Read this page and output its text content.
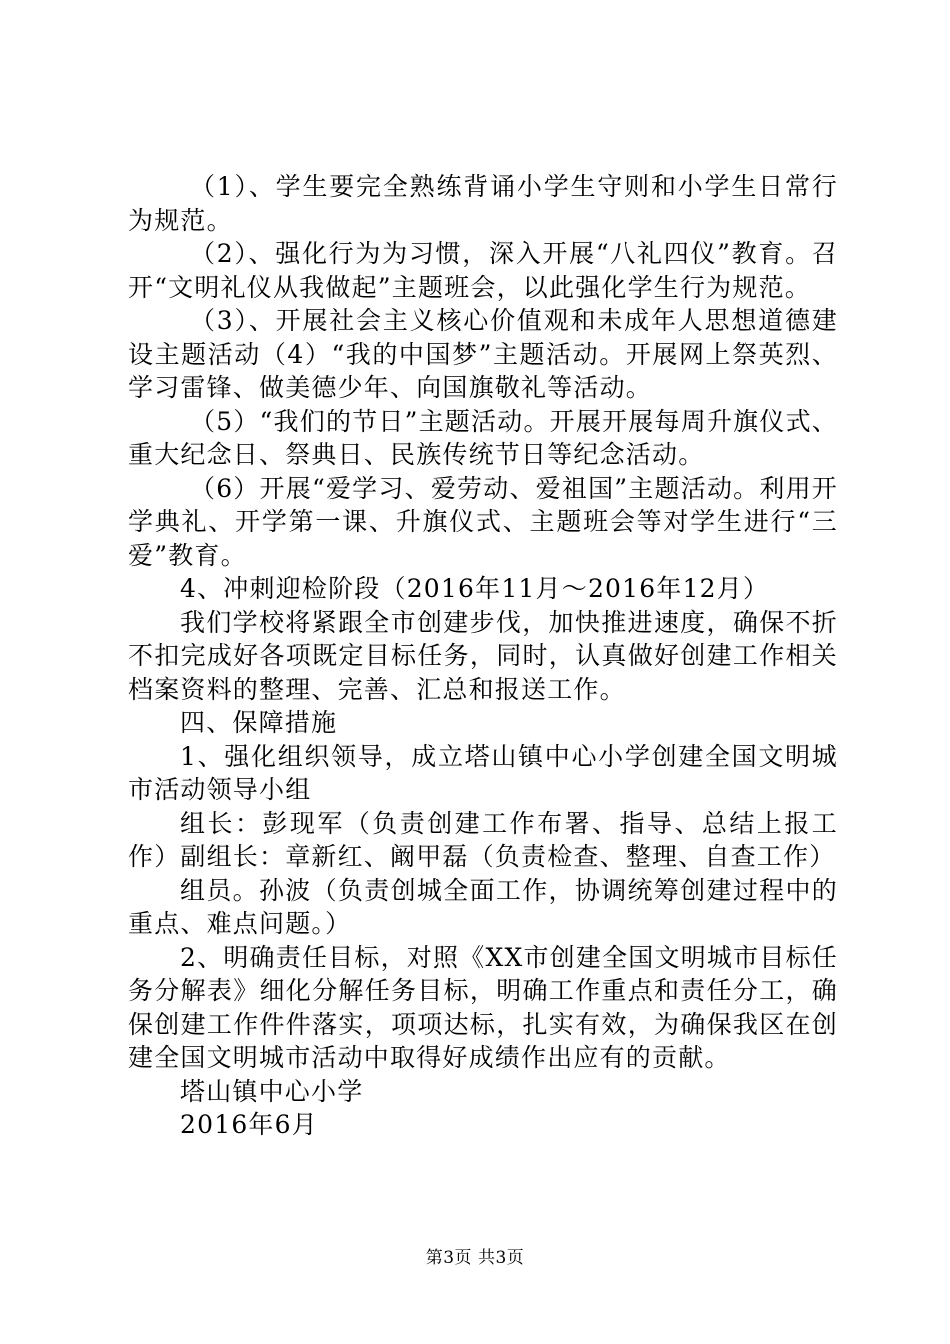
（1）、学生要完全熟练背诵小学生守则和小学生日常行为规范。

（2）、强化行为为习惯，深入开展“八礼四仪”教育。召开“文明礼仪从我做起”主题班会，以此强化学生行为规范。

（3）、开展社会主义核心价值观和未成年人思想道德建设主题活动（4）“我的中国梦”主题活动。开展网上祭英烈、学习雷锋、做美德少年、向国旗敬礼等活动。

（5）“我们的节日”主题活动。开展开展每周升旗仪式、重大纪念日、祭典日、民族传统节日等纪念活动。

（6）开展“爱学习、爱劳动、爱祖国”主题活动。利用开学典礼、开学第一课、升旗仪式、主题班会等对学生进行“三爱”教育。

4、冲刺迎检阶段（2016年11月～2016年12月）

我们学校将紧跟全市创建步伐，加快推进速度，确保不折不扣完成好各项既定目标任务，同时，认真做好创建工作相关档案资料的整理、完善、汇总和报送工作。

四、保障措施

1、强化组织领导，成立塔山镇中心小学创建全国文明城市活动领导小组

组长：彭现军（负责创建工作布署、指导、总结上报工作）副组长：章新红、阚甲磊（负责检查、整理、自查工作）

组员。孙波（负责创城全面工作，协调统筹创建过程中的重点、难点问题。）

2、明确责任目标，对照《XX市创建全国文明城市目标任务分解表》细化分解任务目标，明确工作重点和责任分工，确保创建工作件件落实，项项达标，扎实有效，为确保我区在创建全国文明城市活动中取得好成绩作出应有的贡献。

塔山镇中心小学

2016年6月

第3页 共3页
